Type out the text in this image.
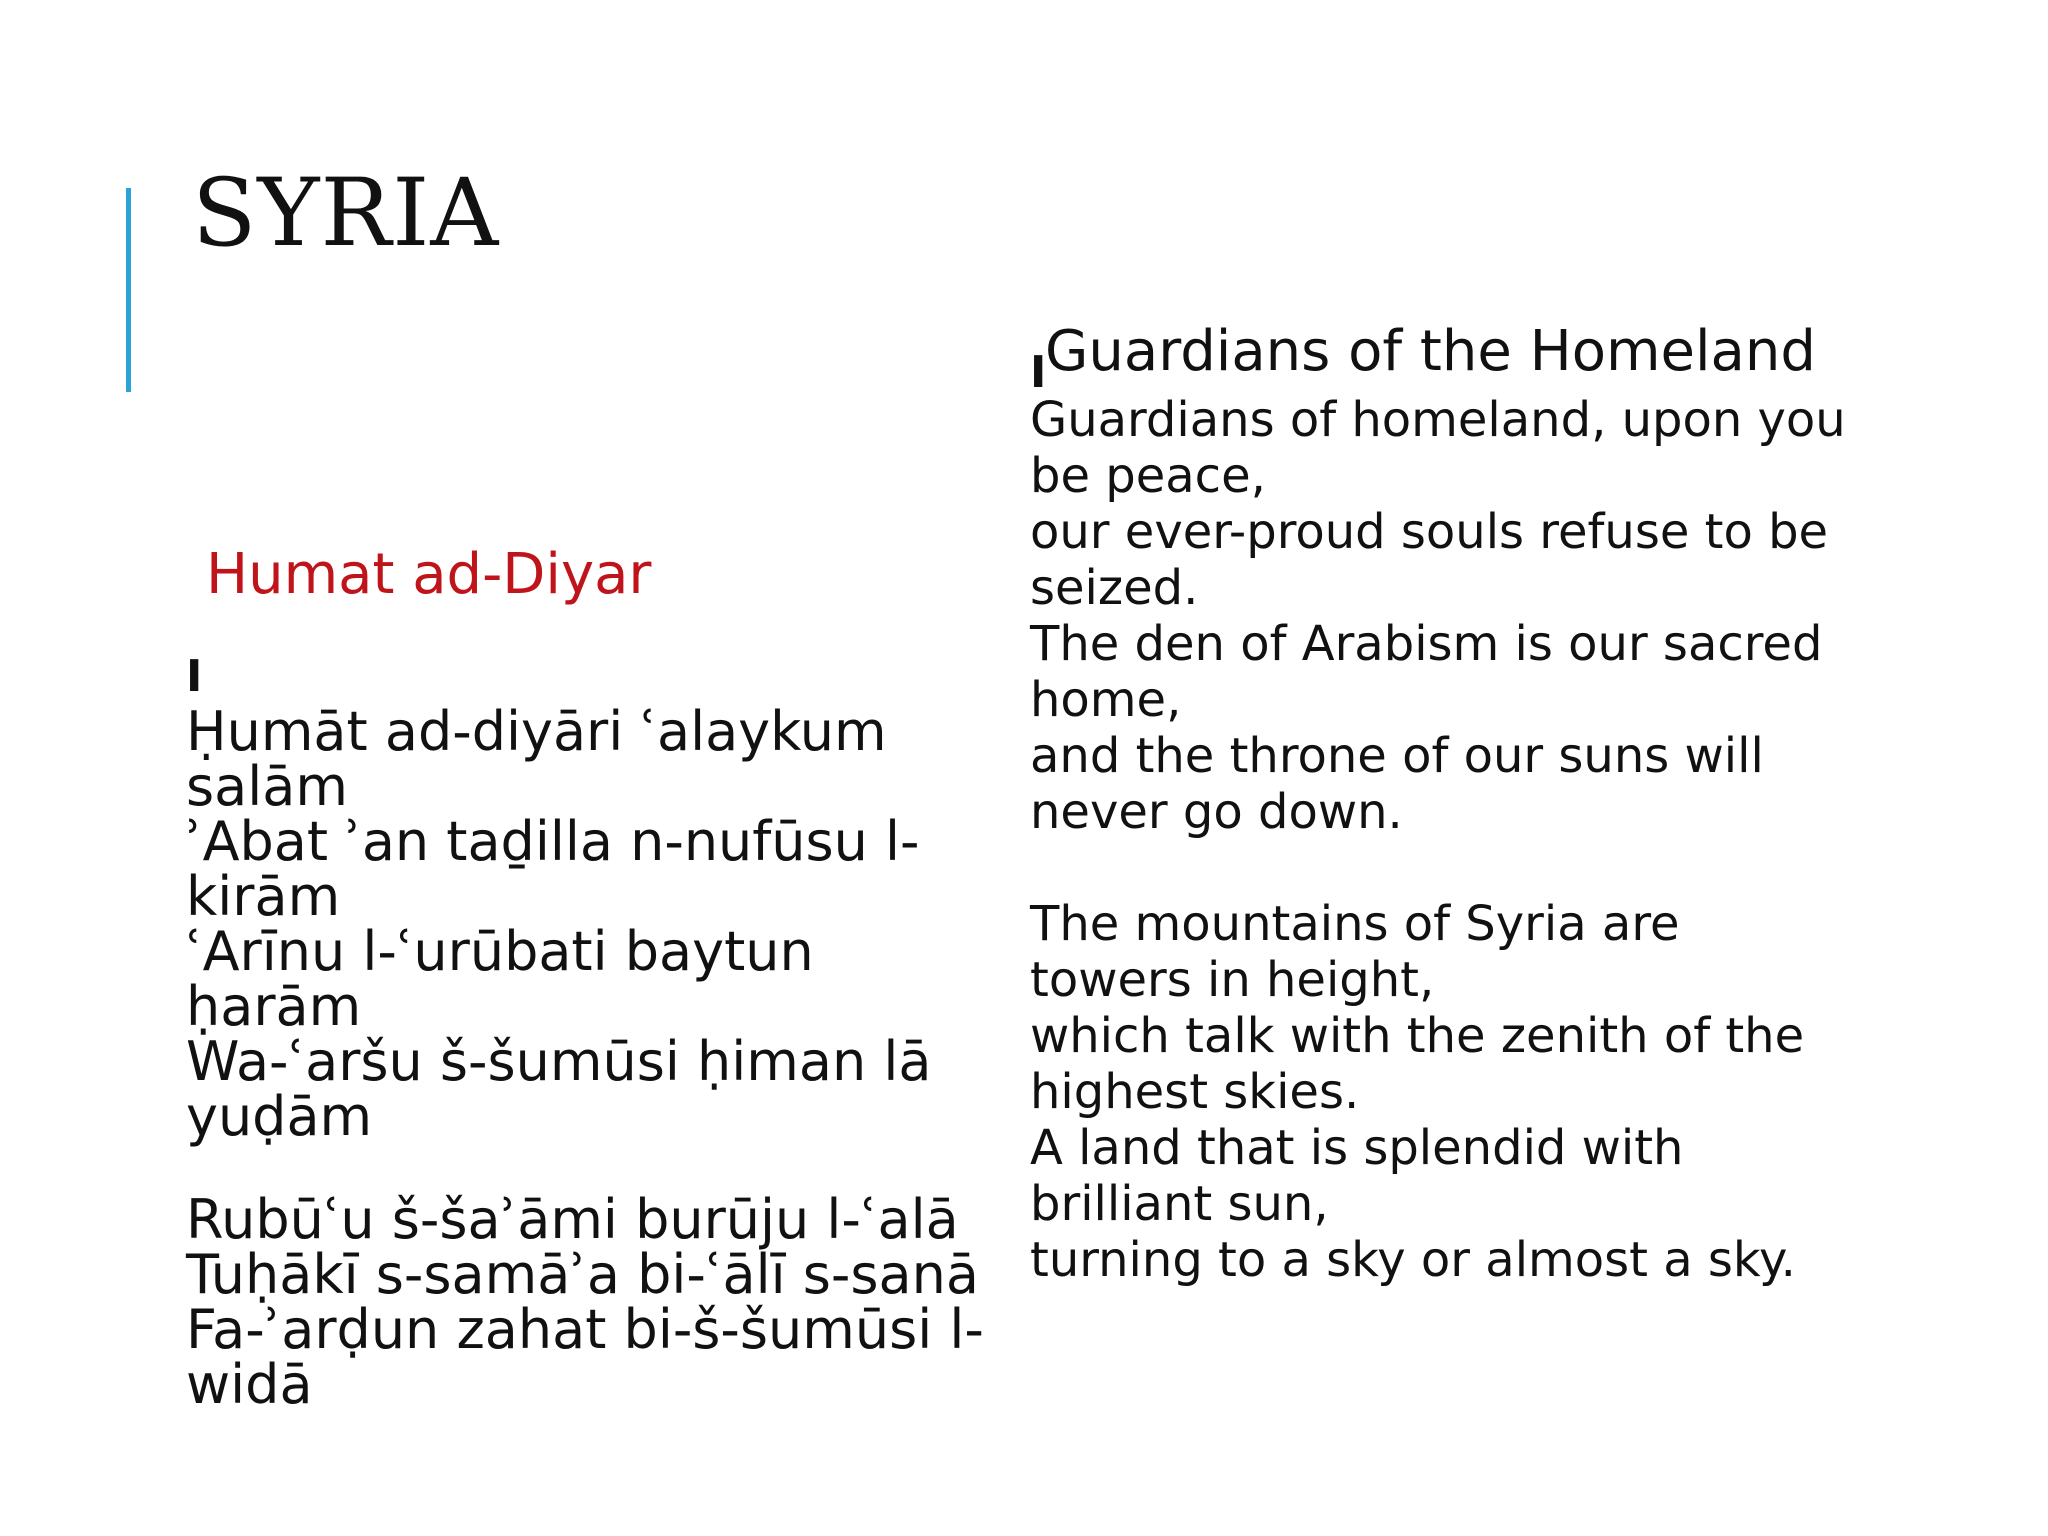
SYRIA
Humat ad-Diyar
I
Ḥumāt ad-diyāri ʿalaykum salām
ʾAbat ʾan taḏilla n-nufūsu l-kirām
ʿArīnu l-ʿurūbati baytun ḥarām
Wa-ʿaršu š-šumūsi ḥiman lā yuḍām
Rubūʿu š-šaʾāmi burūju l-ʿalā
Tuḥākī s-samāʾa bi-ʿālī s-sanā
Fa-ʾarḍun zahat bi-š-šumūsi l-widā
Guardians of the Homeland
I
Guardians of homeland, upon you be peace,
our ever-proud souls refuse to be seized.
The den of Arabism is our sacred home,
and the throne of our suns will never go down.
The mountains of Syria are towers in height,
which talk with the zenith of the highest skies.
A land that is splendid with brilliant sun,
turning to a sky or almost a sky.
